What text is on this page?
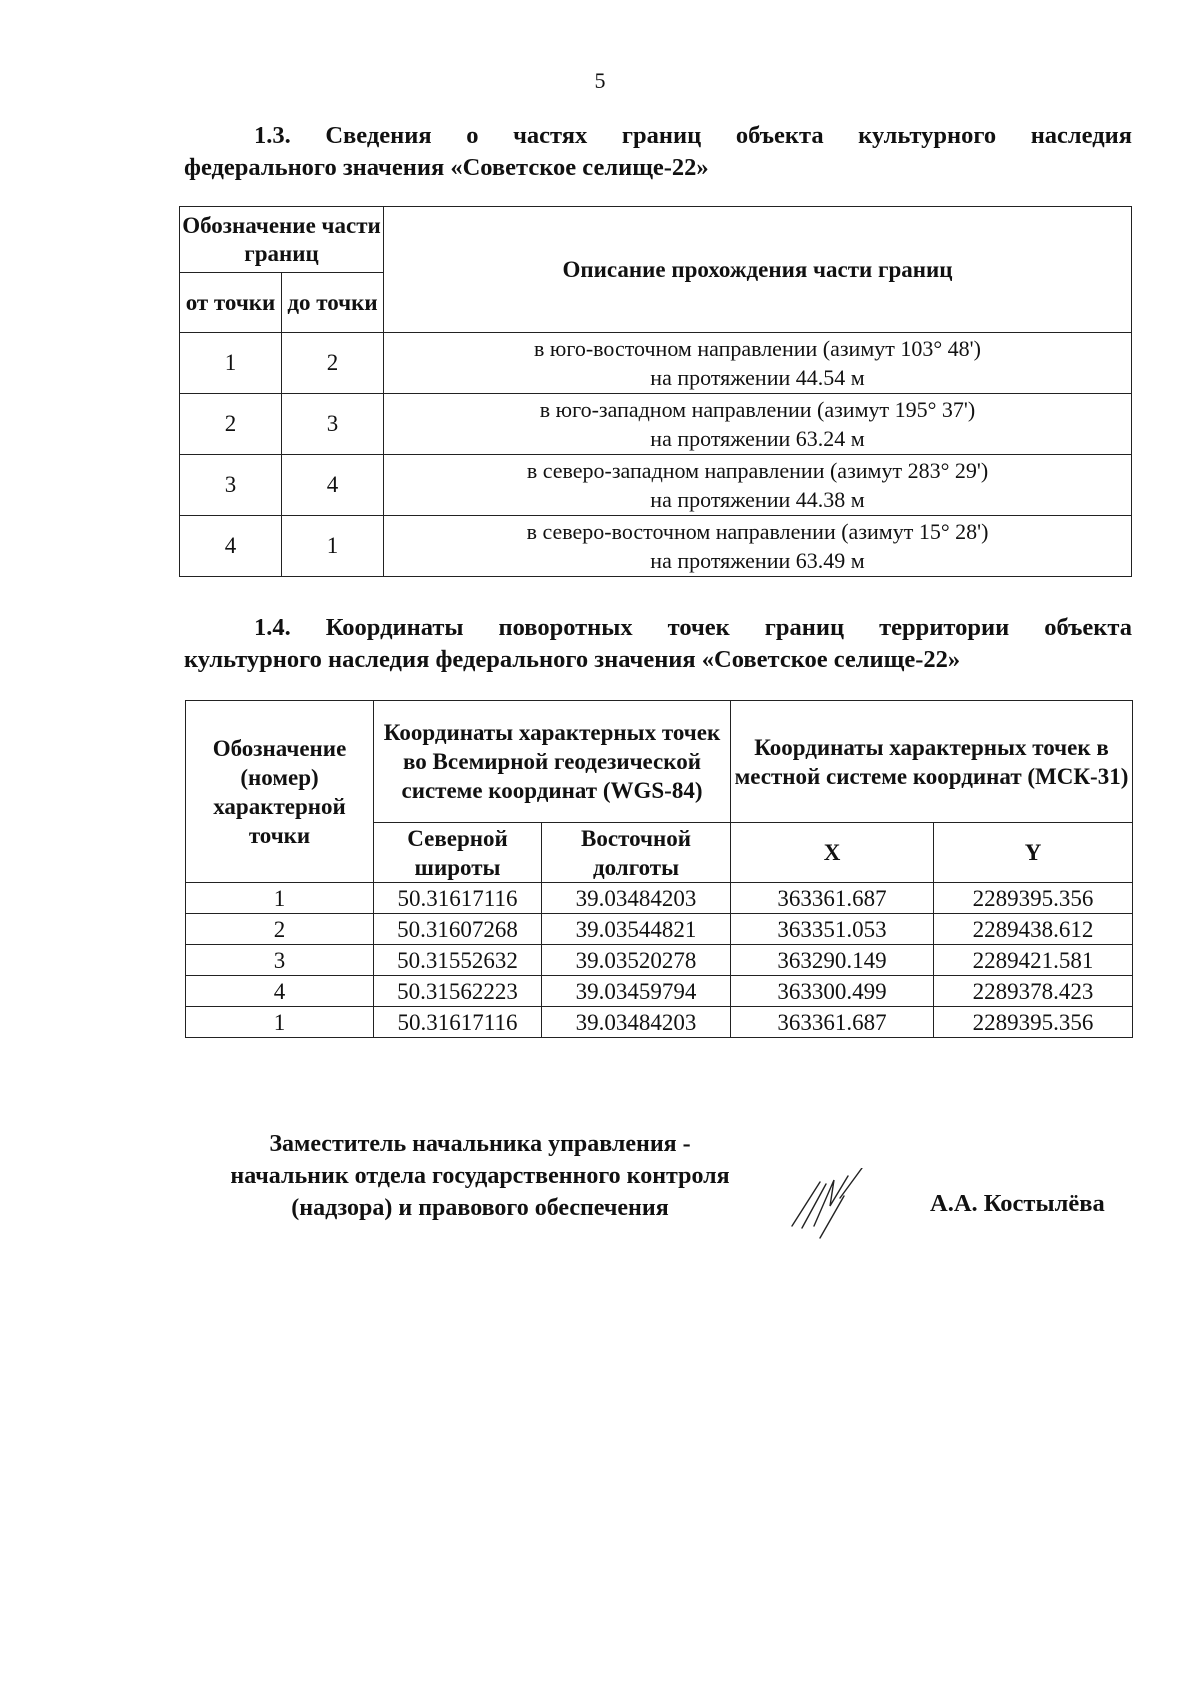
5
1.3. Сведения о частях границ объекта культурного наследия
федерального значения «Советское селище-22»
Обозначение части границ		Описание прохождения части границ
от точки	до точки	
1	2	в юго-восточном направлении (азимут 103° 48')
на протяжении 44.54 м

2	3	в юго-западном направлении (азимут 195° 37')
на протяжении 63.24 м

3	4	в северо-западном направлении (азимут 283° 29')
на протяжении 44.38 м

4	1	в северо-восточном направлении (азимут 15° 28')
на протяжении 63.49 м
1.4. Координаты поворотных точек границ территории объекта
культурного наследия федерального значения «Советское селище-22»
Обозначение (номер) характерной точки	Координаты характерных точек во Всемирной геодезической системе координат (WGS-84)		Координаты характерных точек в местной системе координат (МСК-31)	
	Северной широты	Восточной долготы	X	Y
1	50.31617116	39.03484203	363361.687	2289395.356
2	50.31607268	39.03544821	363351.053	2289438.612
3	50.31552632	39.03520278	363290.149	2289421.581
4	50.31562223	39.03459794	363300.499	2289378.423
1	50.31617116	39.03484203	363361.687	2289395.356
Заместитель начальника управления -
начальник отдела государственного контроля
(надзора) и правового обеспечения	А.А. Костылёва
